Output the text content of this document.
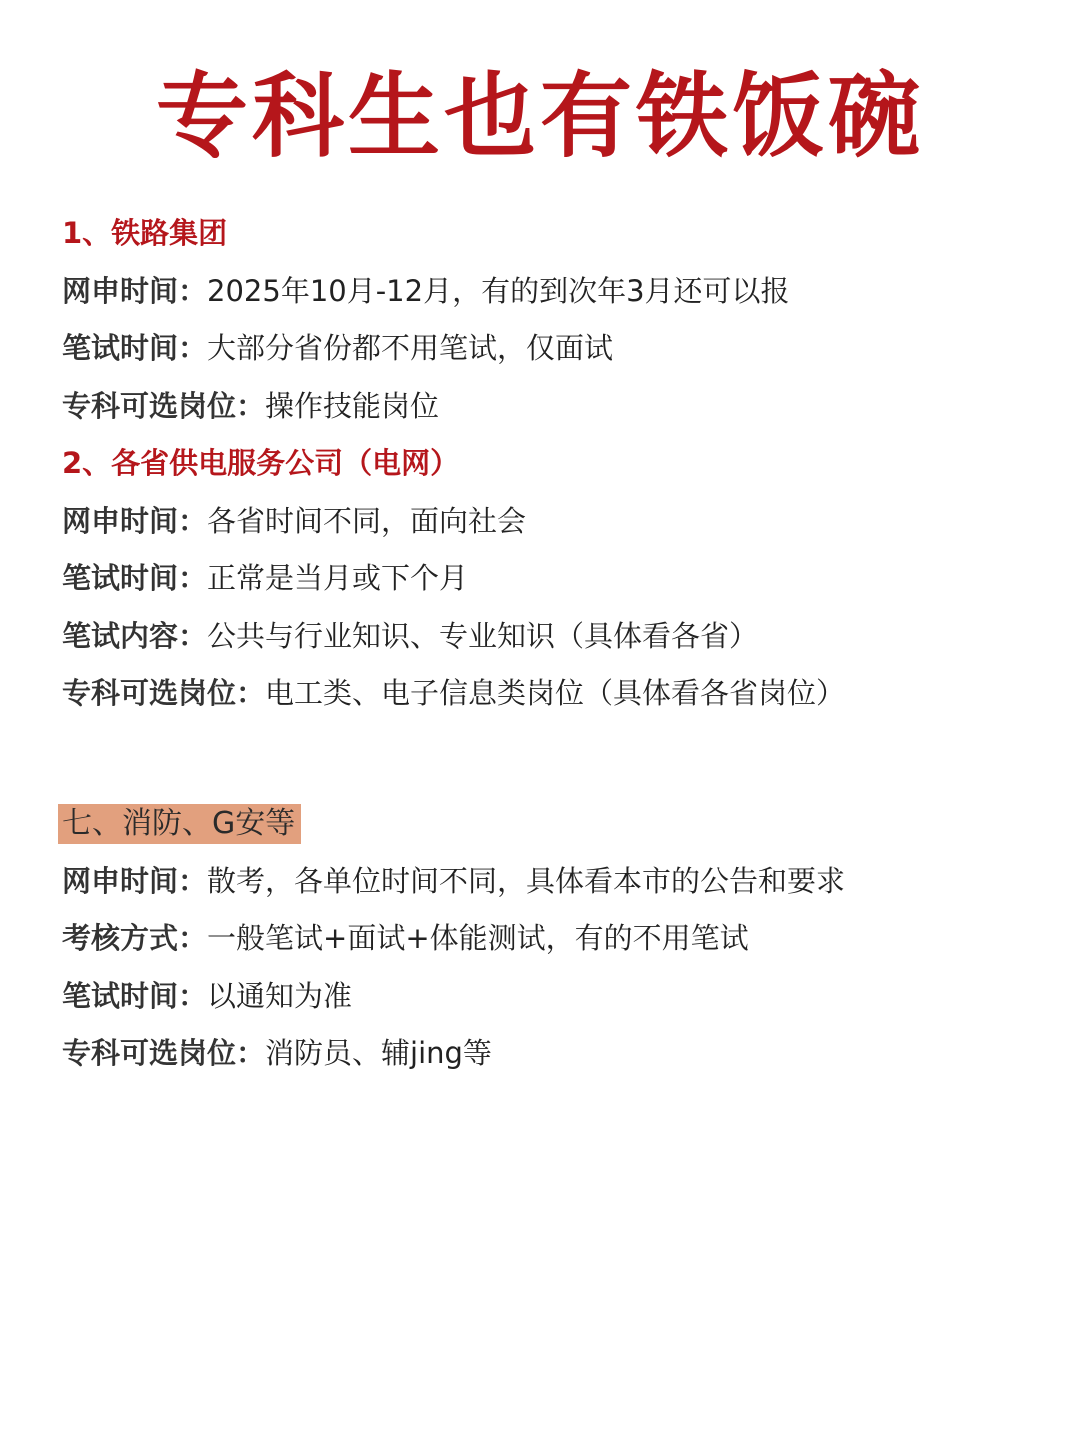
专科生也有铁饭碗
1、铁路集团
网申时间：2025年10月-12月，有的到次年3月还可以报
笔试时间：大部分省份都不用笔试，仅面试
专科可选岗位：操作技能岗位
2、各省供电服务公司（电网）
网申时间：各省时间不同，面向社会
笔试时间：正常是当月或下个月
笔试内容：公共与行业知识、专业知识（具体看各省）
专科可选岗位：电工类、电子信息类岗位（具体看各省岗位）
七、消防、G安等
网申时间：散考，各单位时间不同，具体看本市的公告和要求
考核方式：一般笔试+面试+体能测试，有的不用笔试
笔试时间：以通知为准
专科可选岗位：消防员、辅jing等
